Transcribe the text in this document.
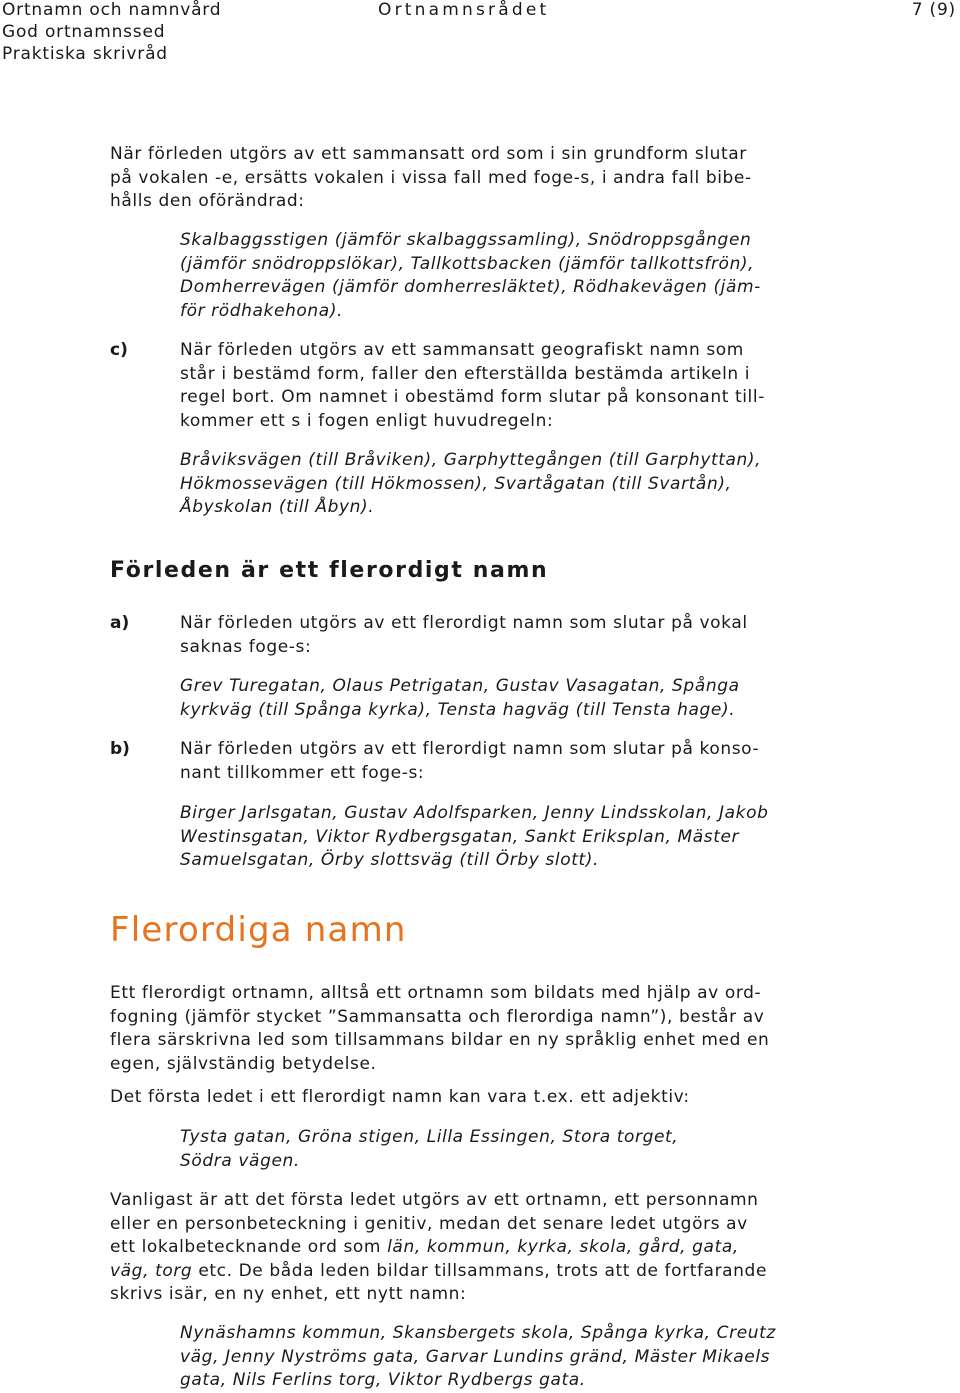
Ortnamn och namnvård
God ortnamnssed
Praktiska skrivråd
Ortnamnsrådet	7 (9)
När förleden utgörs av ett sammansatt ord som i sin grundform slutar
på vokalen -e, ersätts vokalen i vissa fall med foge-s, i andra fall bibe-
hålls den oförändrad:
Skalbaggsstigen (jämför skalbaggssamling), Snödroppsgången
(jämför snödroppslökar), Tallkottsbacken (jämför tallkottsfrön),
Domherrevägen (jämför domherresläktet), Rödhakevägen (jäm-
för rödhakehona).
c)	När förleden utgörs av ett sammansatt geografiskt namn som
står i bestämd form, faller den efterställda bestämda artikeln i
regel bort. Om namnet i obestämd form slutar på konsonant till-
kommer ett s i fogen enligt huvudregeln:
Bråviksvägen (till Bråviken), Garphyttegången (till Garphyttan),
Hökmossevägen (till Hökmossen), Svartågatan (till Svartån),
Åbyskolan (till Åbyn).
Förleden är ett flerordigt namn
a)	När förleden utgörs av ett flerordigt namn som slutar på vokal
saknas foge-s:
Grev Turegatan, Olaus Petrigatan, Gustav Vasagatan, Spånga
kyrkväg (till Spånga kyrka), Tensta hagväg (till Tensta hage).
b)	När förleden utgörs av ett flerordigt namn som slutar på konso-
nant tillkommer ett foge-s:
Birger Jarlsgatan, Gustav Adolfsparken, Jenny Lindsskolan, Jakob
Westinsgatan, Viktor Rydbergsgatan, Sankt Eriksplan, Mäster
Samuelsgatan, Örby slottsväg (till Örby slott).
Flerordiga namn
Ett flerordigt ortnamn, alltså ett ortnamn som bildats med hjälp av ord-
fogning (jämför stycket ”Sammansatta och flerordiga namn”), består av
flera särskrivna led som tillsammans bildar en ny språklig enhet med en
egen, självständig betydelse.
Det första ledet i ett flerordigt namn kan vara t.ex. ett adjektiv:
Tysta gatan, Gröna stigen, Lilla Essingen, Stora torget,
Södra vägen.
Vanligast är att det första ledet utgörs av ett ortnamn, ett personnamn
eller en personbeteckning i genitiv, medan det senare ledet utgörs av
ett lokalbetecknande ord som län, kommun, kyrka, skola, gård, gata,
väg, torg etc. De båda leden bildar tillsammans, trots att de fortfarande
skrivs isär, en ny enhet, ett nytt namn:
Nynäshamns kommun, Skansbergets skola, Spånga kyrka, Creutz
väg, Jenny Nyströms gata, Garvar Lundins gränd, Mäster Mikaels
gata, Nils Ferlins torg, Viktor Rydbergs gata.
